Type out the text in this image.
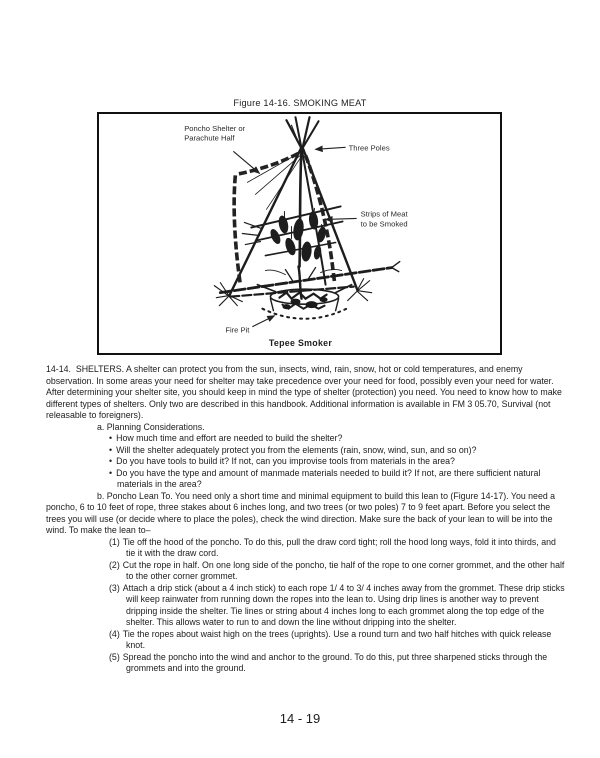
Figure 14-16. SMOKING MEAT
Poncho Shelter or
Parachute Half
Three Poles
Strips of Meat
to be Smoked
Fire Pit
Tepee Smoker

14-14.  SHELTERS. A shelter can protect you from the sun, insects, wind, rain, snow, hot or cold temperatures, and enemy observation. In some areas your need for shelter may take precedence over your need for food, possibly even your need for water. After determining your shelter site, you should keep in mind the type of shelter (protection) you need. You need to know how to make different types of shelters. Only two are described in this handbook. Additional information is available in FM 3 05.70, Survival (not releasable to foreigners).

a. Planning Considerations.

• How much time and effort are needed to build the shelter?
• Will the shelter adequately protect you from the elements (rain, snow, wind, sun, and so on)?
• Do you have tools to build it? If not, can you improvise tools from materials in the area?
• Do you have the type and amount of manmade materials needed to build it? If not, are there sufficient natural materials in the area?

b. Poncho Lean To. You need only a short time and minimal equipment to build this lean to (Figure 14-17). You need a poncho, 6 to 10 feet of rope, three stakes about 6 inches long, and two trees (or two poles) 7 to 9 feet apart. Before you select the trees you will use (or decide where to place the poles), check the wind direction. Make sure the back of your lean to will be into the wind. To make the lean to–

(1) Tie off the hood of the poncho. To do this, pull the draw cord tight; roll the hood long ways, fold it into thirds, and tie it with the draw cord.
(2) Cut the rope in half. On one long side of the poncho, tie half of the rope to one corner grommet, and the other half to the other corner grommet.
(3) Attach a drip stick (about a 4 inch stick) to each rope 1/ 4 to 3/ 4 inches away from the grommet. These drip sticks will keep rainwater from running down the ropes into the lean to. Using drip lines is another way to prevent dripping inside the shelter. Tie lines or string about 4 inches long to each grommet along the top edge of the shelter. This allows water to run to and down the line without dripping into the shelter.
(4) Tie the ropes about waist high on the trees (uprights). Use a round turn and two half hitches with quick release knot.
(5) Spread the poncho into the wind and anchor to the ground. To do this, put three sharpened sticks through the grommets and into the ground.
14 - 19
